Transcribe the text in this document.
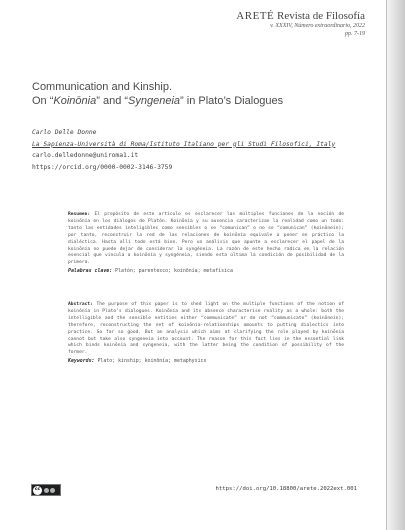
ARETÉ Revista de Filosofía
v. XXXIV, Número extraordinario, 2022
pp. 7-19
Communication and Kinship.
On “Koinōnia” and “Syngeneia” in Plato’s Dialogues
Carlo Delle Donne
La Sapienza-Università di Roma/Istituto Italiano per gli Studi Filosofici, Italy
carlo.delledonne@uniroma1.it
https://orcid.org/0000-0002-3146-3759
Resumen: El propósito de este artículo es esclarecer las múltiples funciones de la noción de koinōnía en los diálogos de Platón. Koinōnía y su ausencia caracterizan la realidad como un todo: tanto las entidades inteligibles como sensibles o se “comunican” o no se “comunican” (koinōneín); por tanto, reconstruir la red de las relaciones de koinōnía equivale a poner en práctico la dialéctica. Hasta allí todo está bien. Pero un análisis que apunte a esclarecer el papel de la koinōnía no puede dejar de considerar la syngéneia. La razón de este hecho radica en la relación esencial que vincula a koinōnía y syngéneia, siendo esta última la condición de posibilidad de la primera.
Palabras clave: Platón; parentesco; koinōnía; metafísica
Abstract: The purpose of this paper is to shed light on the multiple functions of the notion of koinōnía in Plato’s dialogues. Koinōnía and its absence characterise reality as a whole: both the intelligible and the sensible entities either “communicate” or do not “communicate” (koinōneín); therefore, reconstructing the net of koinōnía-relationships amounts to putting dialectics into practice. So far so good. But an analysis which aims at clarifying the role played by koinōnía cannot but take also syngeneia into account. The reason for this fact lies in the essential link which binds koinōnía and syngeneia, with the latter being the condition of possibility of the former.
Keywords: Plato; kinship; koinōnía; metaphysics
cc	https://doi.org/10.18800/arete.2022ext.001
